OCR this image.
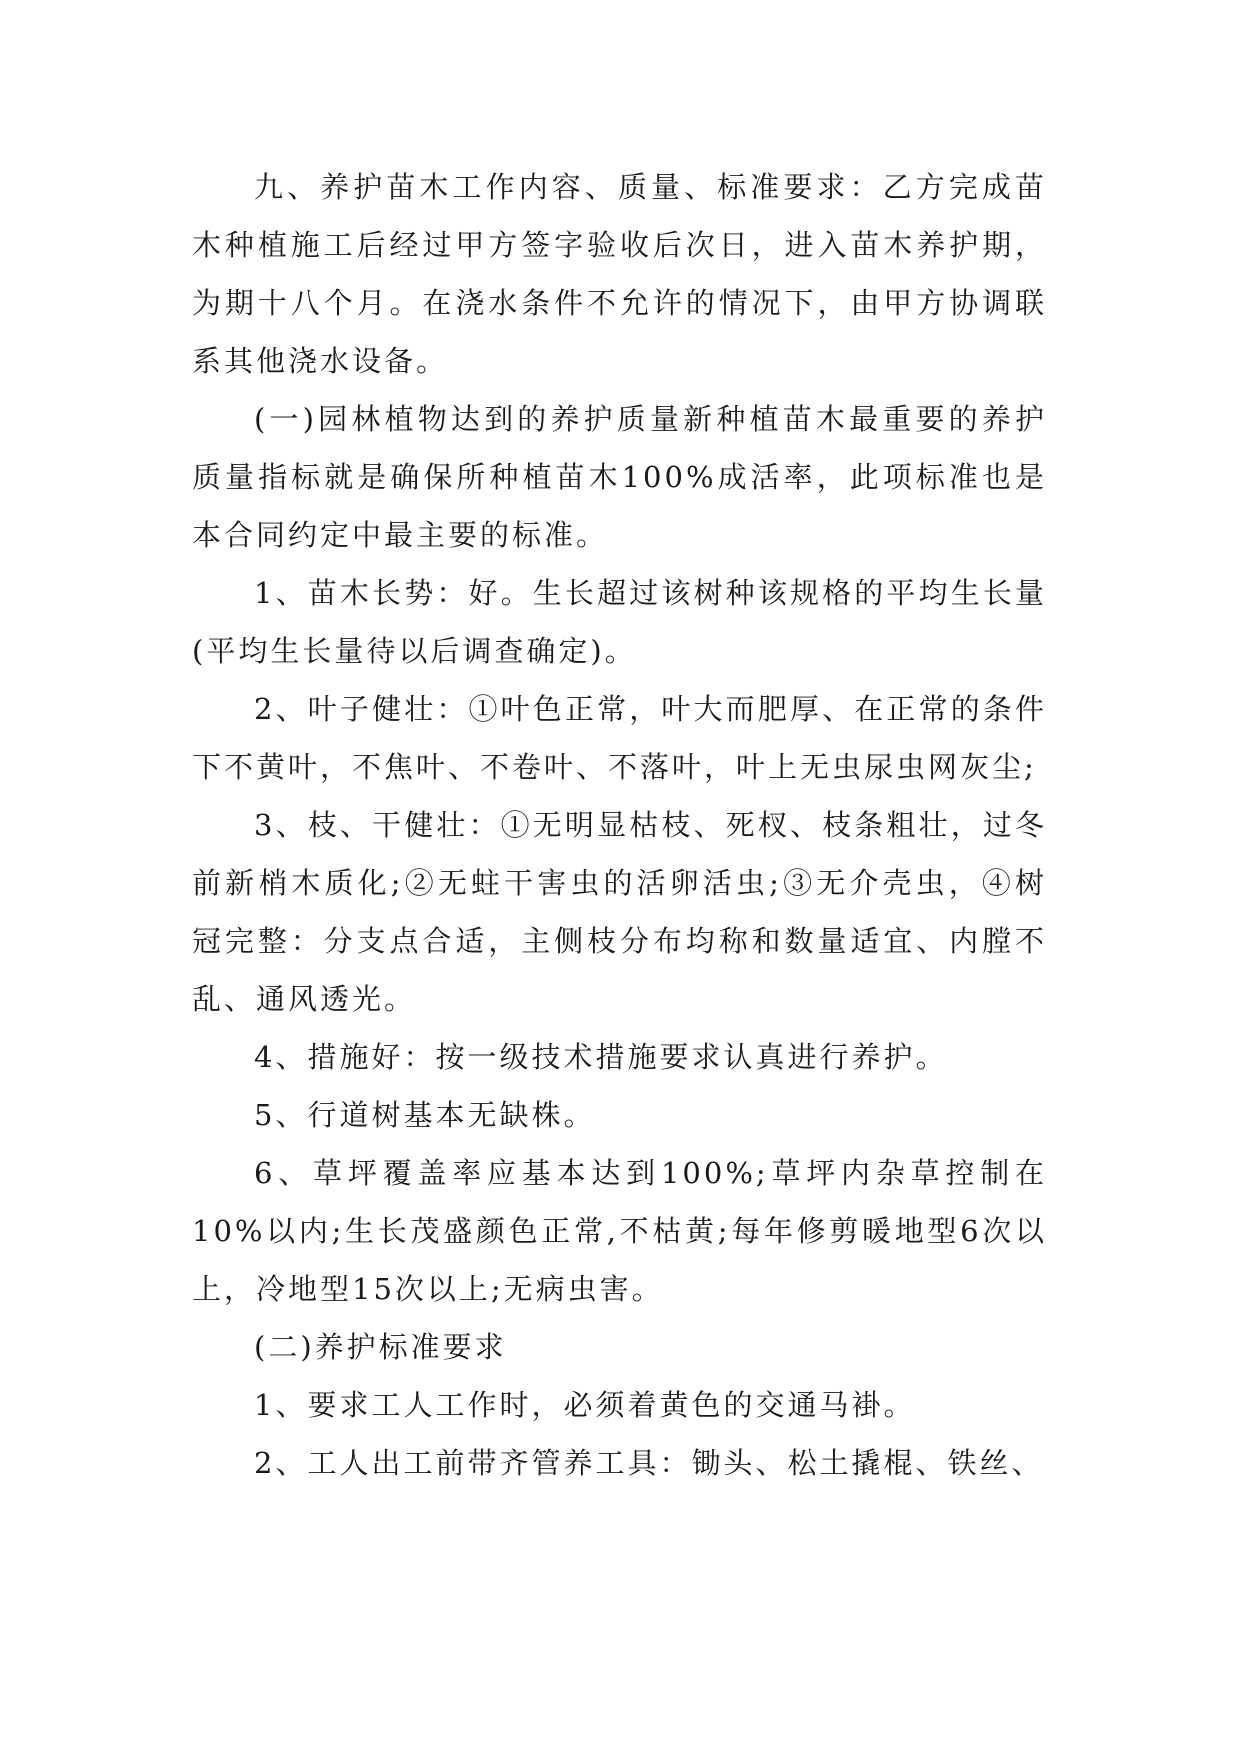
九、养护苗木工作内容、质量、标准要求：乙方完成苗木种植施工后经过甲方签字验收后次日，进入苗木养护期，为期十八个月。在浇水条件不允许的情况下，由甲方协调联系其他浇水设备。

(一)园林植物达到的养护质量新种植苗木最重要的养护质量指标就是确保所种植苗木100%成活率，此项标准也是本合同约定中最主要的标准。

1、苗木长势：好。生长超过该树种该规格的平均生长量(平均生长量待以后调查确定)。

2、叶子健壮：①叶色正常，叶大而肥厚、在正常的条件下不黄叶，不焦叶、不卷叶、不落叶，叶上无虫尿虫网灰尘;

3、枝、干健壮：①无明显枯枝、死杈、枝条粗壮，过冬前新梢木质化;②无蛀干害虫的活卵活虫;③无介壳虫，④树冠完整：分支点合适，主侧枝分布均称和数量适宜、内膛不乱、通风透光。

4、措施好：按一级技术措施要求认真进行养护。

5、行道树基本无缺株。

6、草坪覆盖率应基本达到100%;草坪内杂草控制在10%以内;生长茂盛颜色正常,不枯黄;每年修剪暖地型6次以上，冷地型15次以上;无病虫害。

(二)养护标准要求

1、要求工人工作时，必须着黄色的交通马褂。

2、工人出工前带齐管养工具：锄头、松土撬棍、铁丝、
